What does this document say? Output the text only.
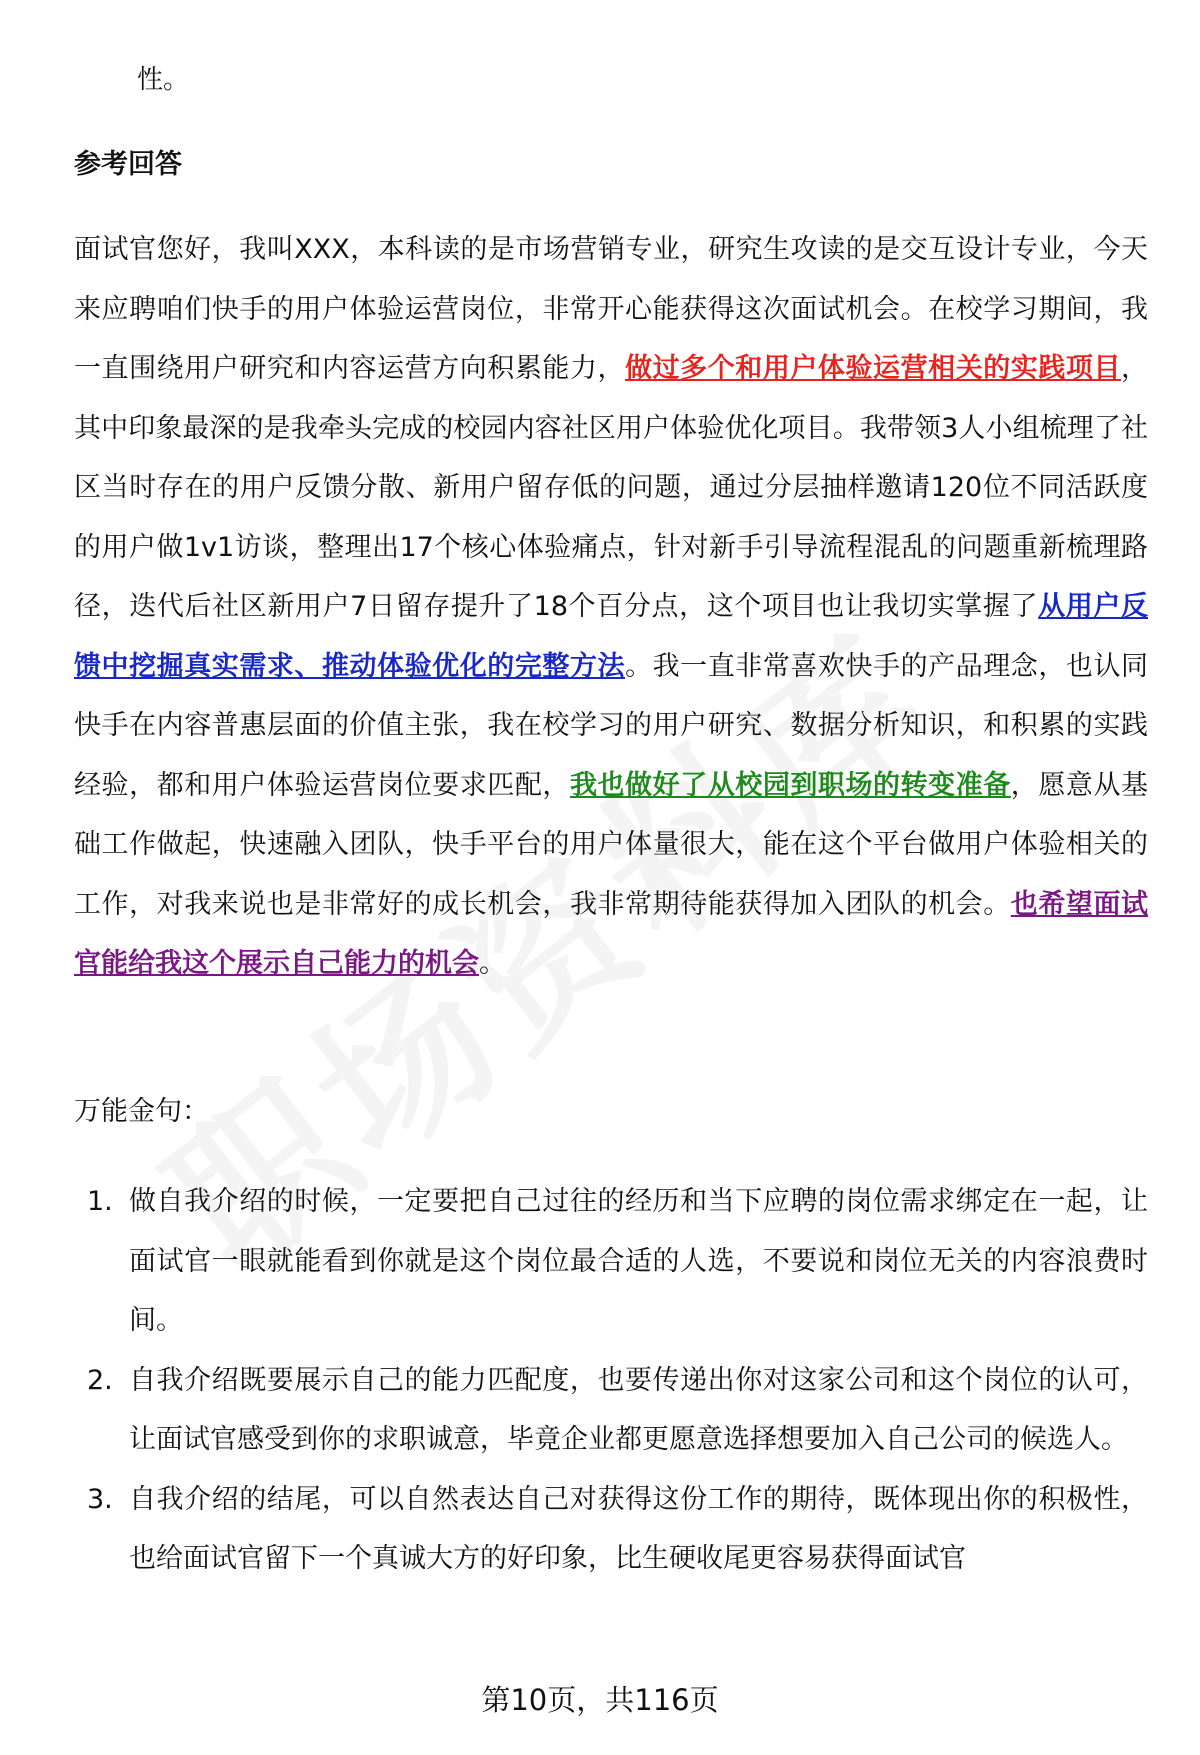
性。
参考回答
面试官您好，我叫XXX，本科读的是市场营销专业，研究生攻读的是交互设计专业，今天来应聘咱们快手的用户体验运营岗位，非常开心能获得这次面试机会。在校学习期间，我一直围绕用户研究和内容运营方向积累能力，做过多个和用户体验运营相关的实践项目，其中印象最深的是我牵头完成的校园内容社区用户体验优化项目。我带领3人小组梳理了社区当时存在的用户反馈分散、新用户留存低的问题，通过分层抽样邀请120位不同活跃度的用户做1v1访谈，整理出17个核心体验痛点，针对新手引导流程混乱的问题重新梳理路径，迭代后社区新用户7日留存提升了18个百分点，这个项目也让我切实掌握了从用户反馈中挖掘真实需求、推动体验优化的完整方法。我一直非常喜欢快手的产品理念，也认同快手在内容普惠层面的价值主张，我在校学习的用户研究、数据分析知识，和积累的实践经验，都和用户体验运营岗位要求匹配，我也做好了从校园到职场的转变准备，愿意从基础工作做起，快速融入团队，快手平台的用户体量很大，能在这个平台做用户体验相关的工作，对我来说也是非常好的成长机会，我非常期待能获得加入团队的机会。也希望面试官能给我这个展示自己能力的机会。
万能金句：
1. 做自我介绍的时候，一定要把自己过往的经历和当下应聘的岗位需求绑定在一起，让面试官一眼就能看到你就是这个岗位最合适的人选，不要说和岗位无关的内容浪费时间。
2. 自我介绍既要展示自己的能力匹配度，也要传递出你对这家公司和这个岗位的认可，让面试官感受到你的求职诚意，毕竟企业都更愿意选择想要加入自己公司的候选人。
3. 自我介绍的结尾，可以自然表达自己对获得这份工作的期待，既体现出你的积极性，也给面试官留下一个真诚大方的好印象，比生硬收尾更容易获得面试官
第10页，共116页
